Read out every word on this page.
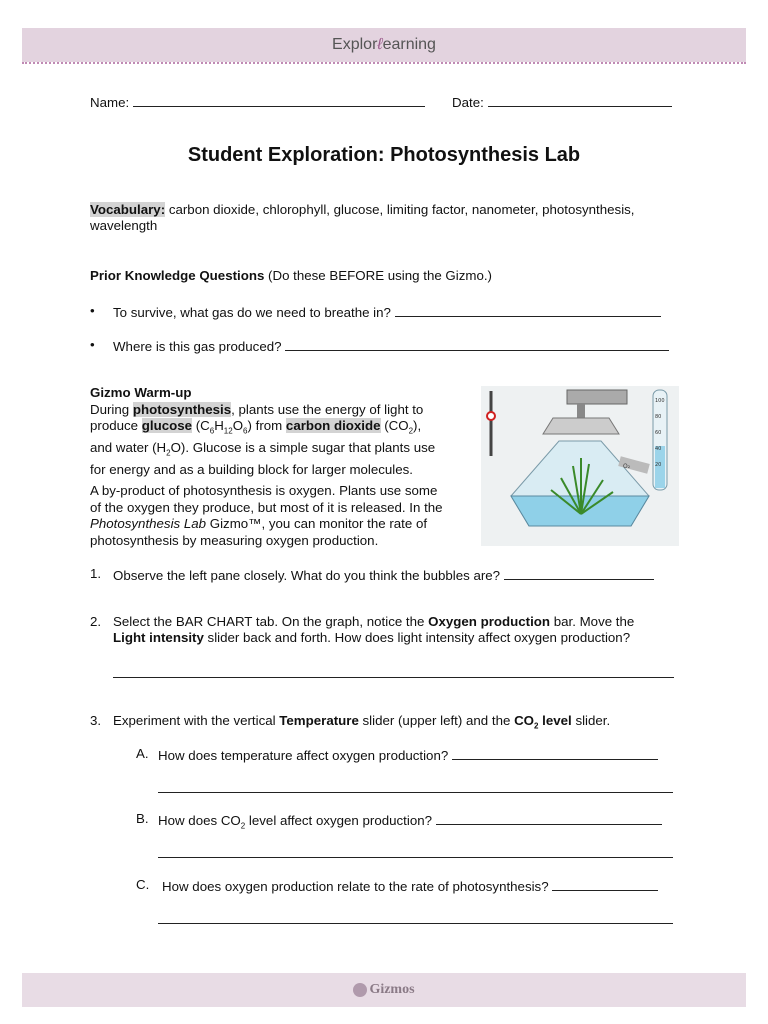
Explorℓearning
Name:	Date:
Student Exploration: Photosynthesis Lab
Vocabulary: carbon dioxide, chlorophyll, glucose, limiting factor, nanometer, photosynthesis,
wavelength
Prior Knowledge Questions (Do these BEFORE using the Gizmo.)
• To survive, what gas do we need to breathe in?
• Where is this gas produced?
Gizmo Warm-up
During photosynthesis, plants use the energy of light to
produce glucose $(C_6H_{12}O_6)$ from carbon dioxide $(CO_2)$,
and water $(H_2O)$. Glucose is a simple sugar that plants use
for energy and as a building block for larger molecules.
A by-product of photosynthesis is oxygen. Plants use some
of the oxygen they produce, but most of it is released. In the
Photosynthesis Lab Gizmo™, you can monitor the rate of
photosynthesis by measuring oxygen production.
100
80
60
40
20
O₂
1. Observe the left pane closely. What do you think the bubbles are?
2. Select the BAR CHART tab. On the graph, notice the Oxygen production bar. Move the
Light intensity slider back and forth. How does light intensity affect oxygen production?
3. Experiment with the vertical Temperature slider (upper left) and the $CO_2$ level slider.
A. How does temperature affect oxygen production?
B. How does $CO_2$ level affect oxygen production?
C. How does oxygen production relate to the rate of photosynthesis?
Gizmos
